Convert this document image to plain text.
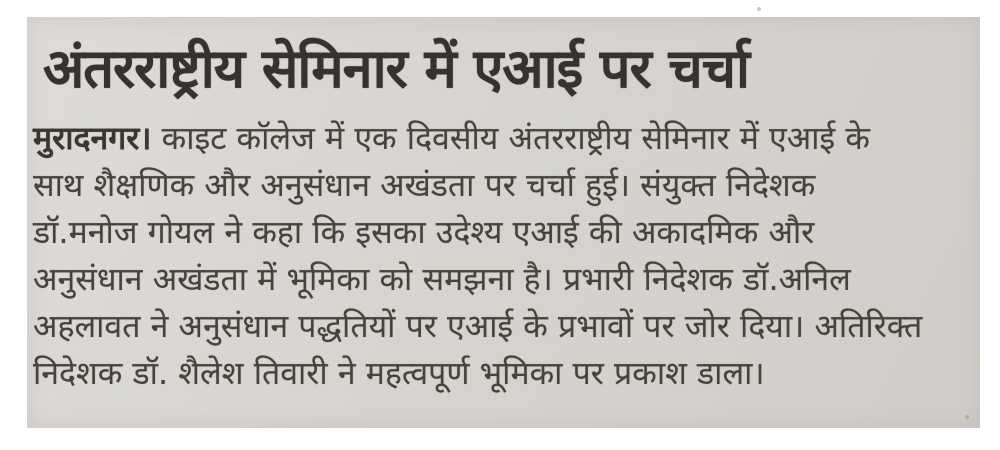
अंतरराष्ट्रीय सेमिनार में एआई पर चर्चा
मुरादनगर। काइट कॉलेज में एक दिवसीय अंतरराष्ट्रीय सेमिनार में एआई के
साथ शैक्षणिक और अनुसंधान अखंडता पर चर्चा हुई। संयुक्त निदेशक
डॉ.मनोज गोयल ने कहा कि इसका उदेश्य एआई की अकादमिक और
अनुसंधान अखंडता में भूमिका को समझना है। प्रभारी निदेशक डॉ.अनिल
अहलावत ने अनुसंधान पद्धतियों पर एआई के प्रभावों पर जोर दिया। अतिरिक्त
निदेशक डॉ. शैलेश तिवारी ने महत्वपूर्ण भूमिका पर प्रकाश डाला।
